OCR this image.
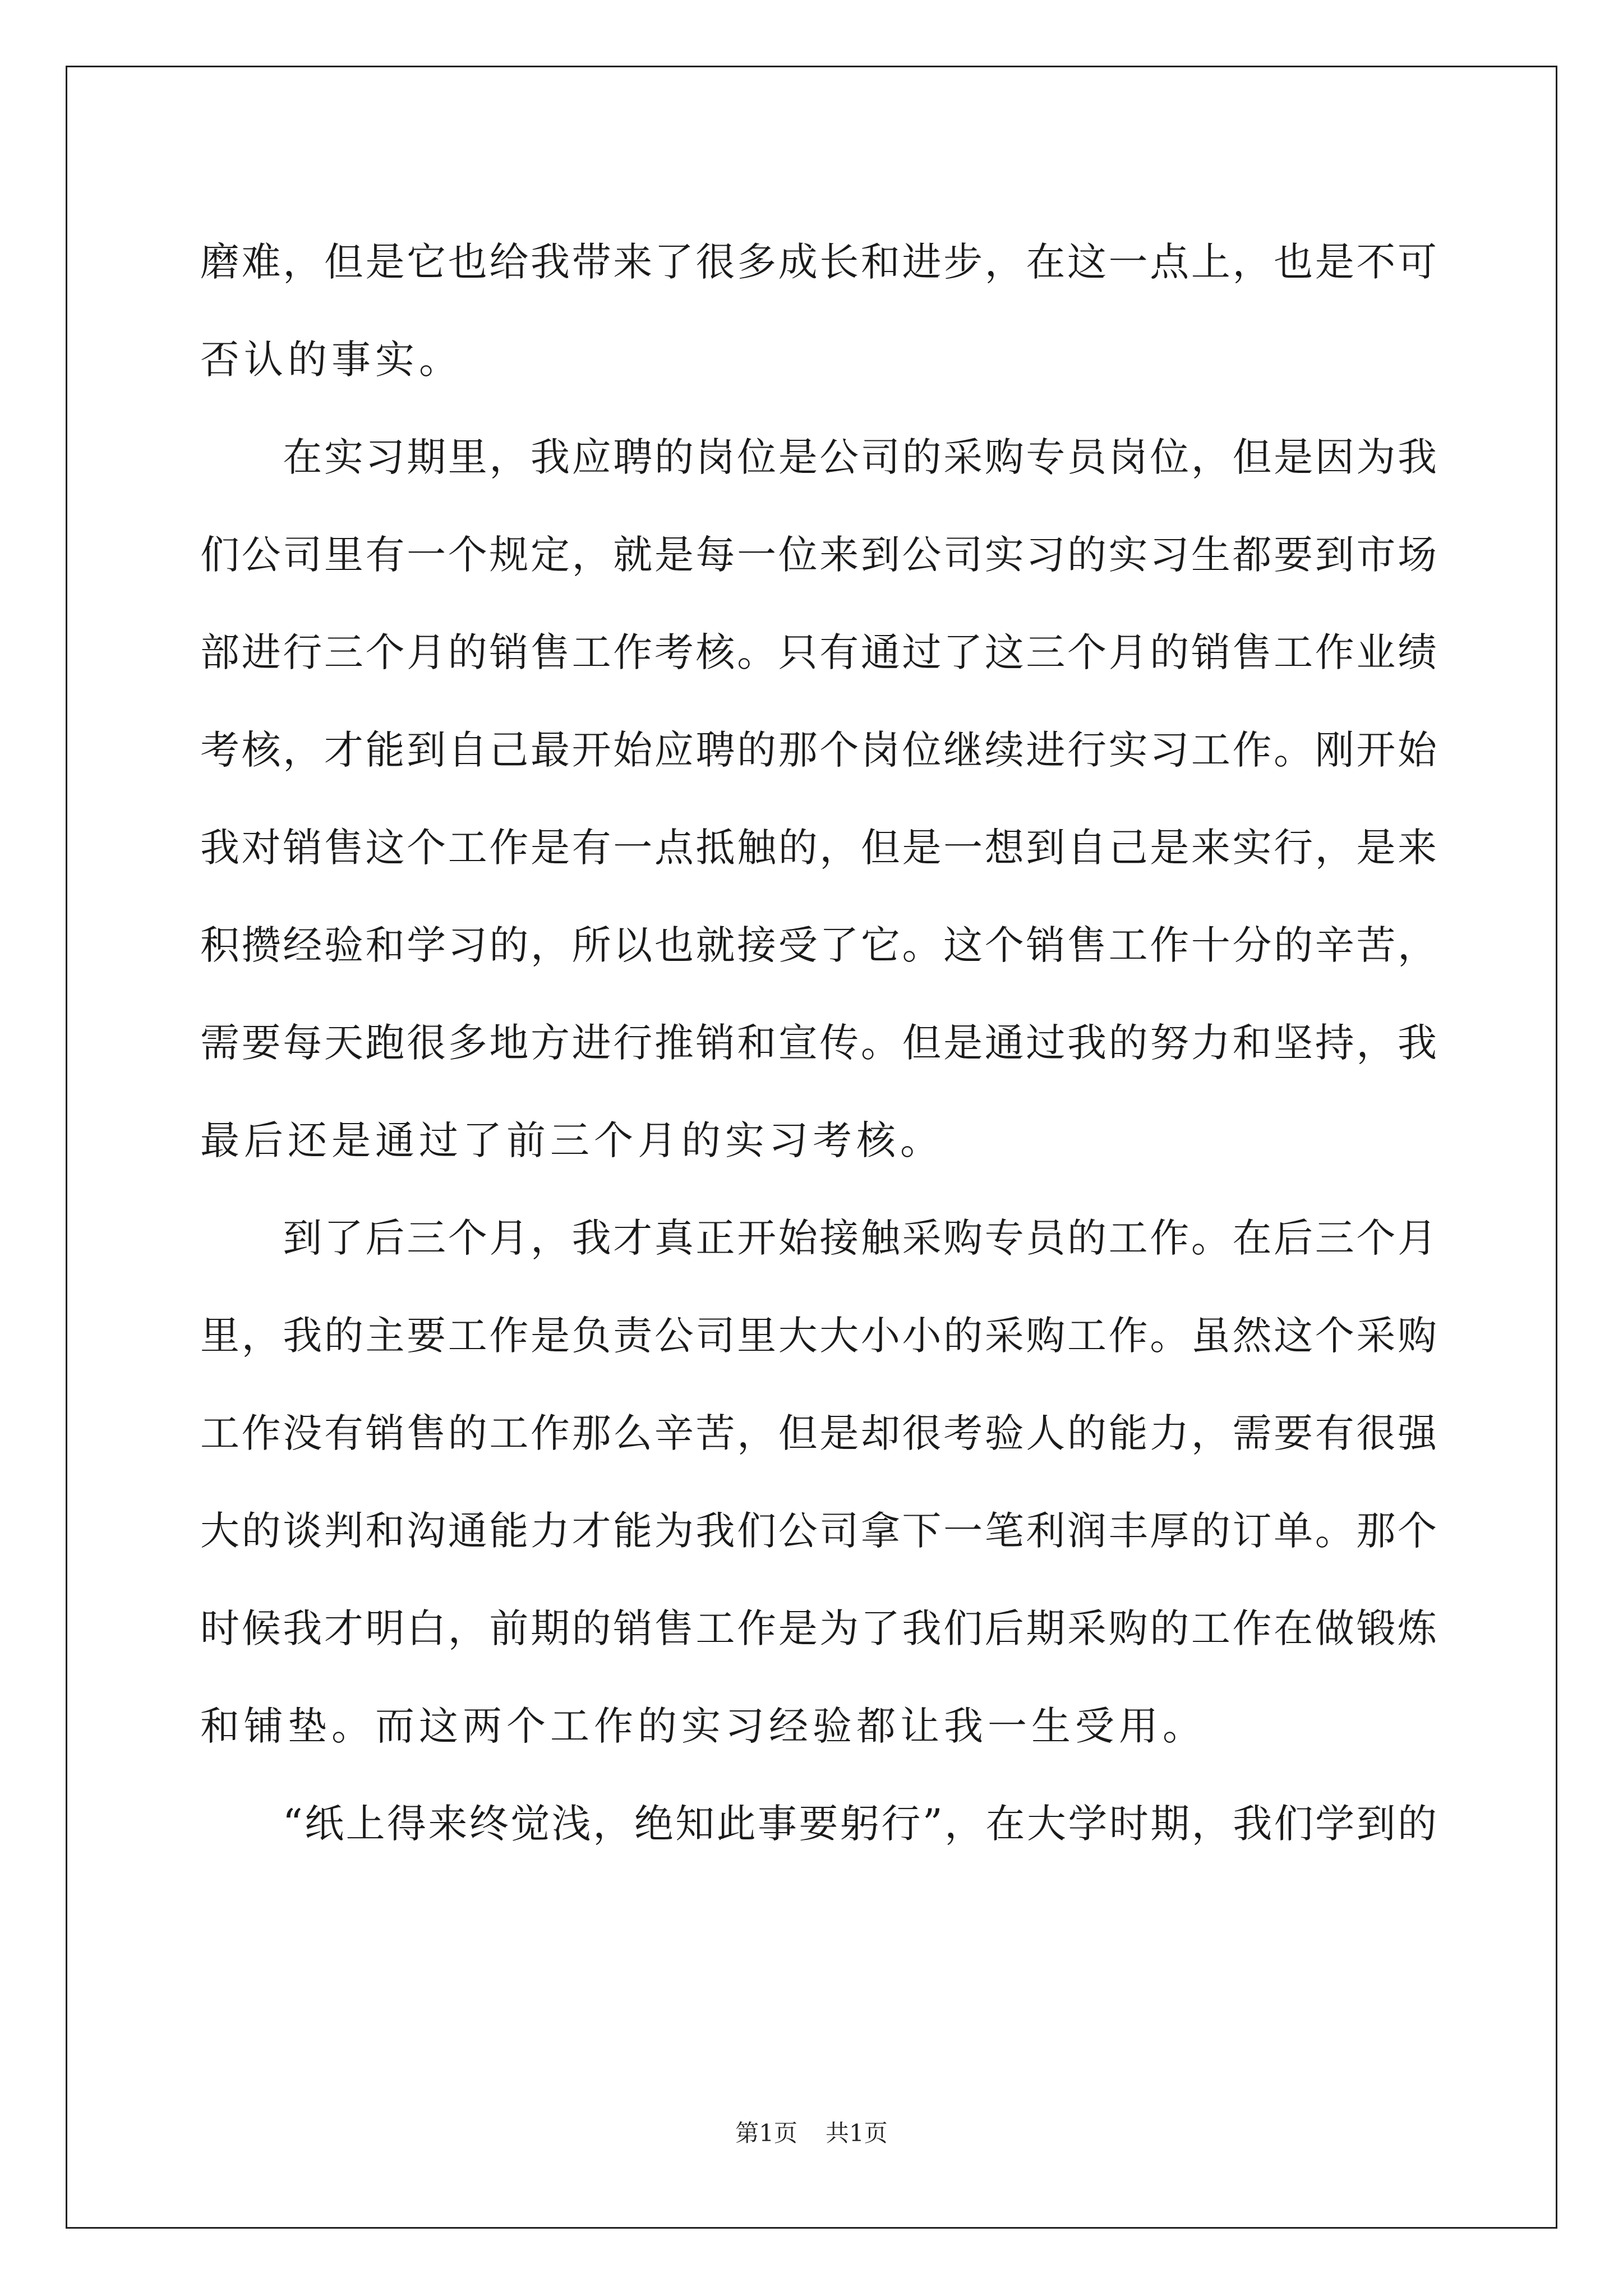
磨难，但是它也给我带来了很多成长和进步，在这一点上，也是不可
否认的事实。
　　在实习期里，我应聘的岗位是公司的采购专员岗位，但是因为我
们公司里有一个规定，就是每一位来到公司实习的实习生都要到市场
部进行三个月的销售工作考核。只有通过了这三个月的销售工作业绩
考核，才能到自己最开始应聘的那个岗位继续进行实习工作。刚开始
我对销售这个工作是有一点抵触的，但是一想到自己是来实行，是来
积攒经验和学习的，所以也就接受了它。这个销售工作十分的辛苦，
需要每天跑很多地方进行推销和宣传。但是通过我的努力和坚持，我
最后还是通过了前三个月的实习考核。
　　到了后三个月，我才真正开始接触采购专员的工作。在后三个月
里，我的主要工作是负责公司里大大小小的采购工作。虽然这个采购
工作没有销售的工作那么辛苦，但是却很考验人的能力，需要有很强
大的谈判和沟通能力才能为我们公司拿下一笔利润丰厚的订单。那个
时候我才明白，前期的销售工作是为了我们后期采购的工作在做锻炼
和铺垫。而这两个工作的实习经验都让我一生受用。
　　“纸上得来终觉浅，绝知此事要躬行”，在大学时期，我们学到的
第1页 共1页
